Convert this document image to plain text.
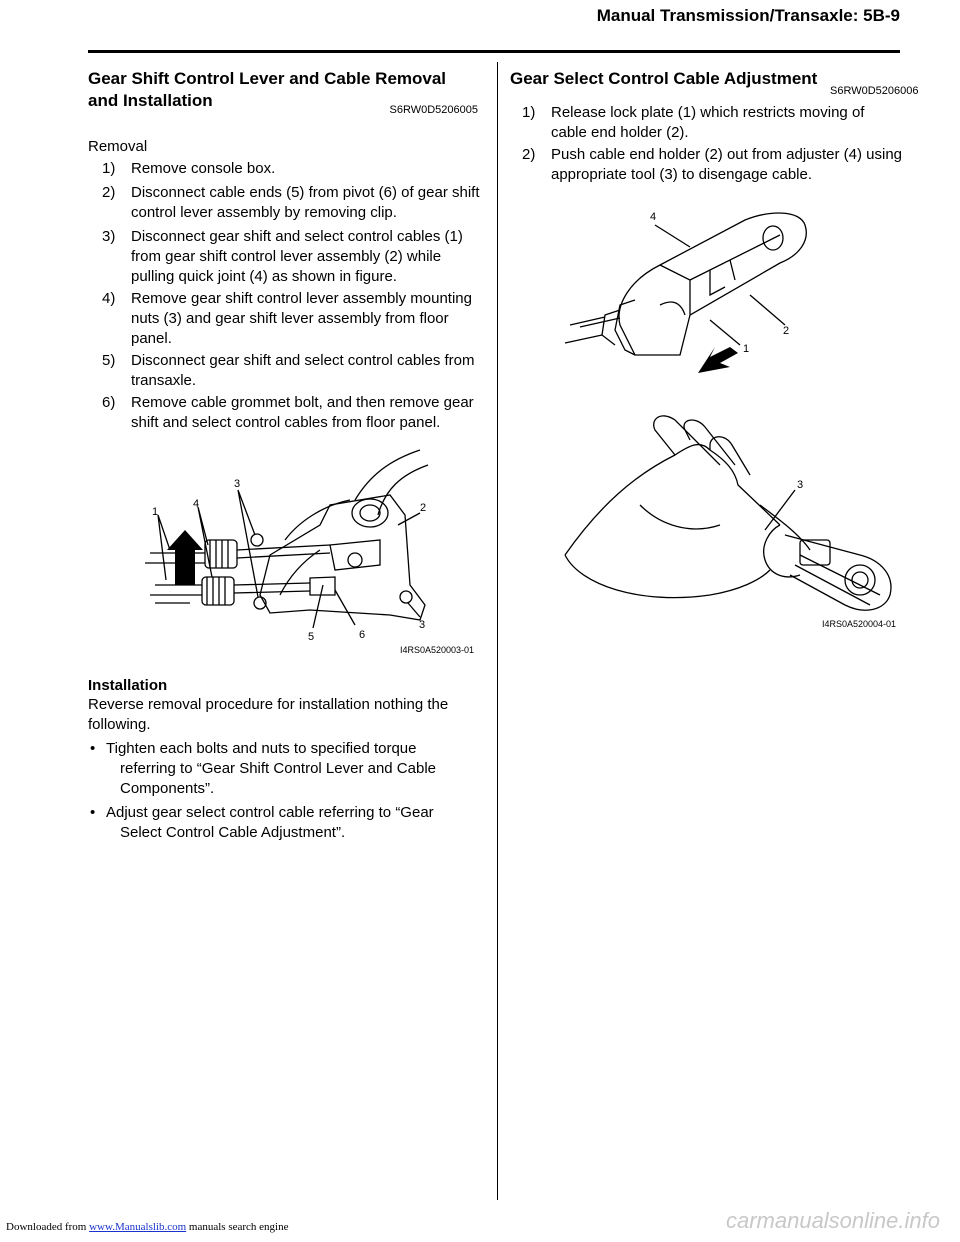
Manual Transmission/Transaxle: 5B-9
Gear Shift Control Lever and Cable Removal
and Installation	S6RW0D5206005
Removal
1) Remove console box.
2) Disconnect cable ends (5) from pivot (6) of gear shift
control lever assembly by removing clip.
3) Disconnect gear shift and select control cables (1)
from gear shift control lever assembly (2) while
pulling quick joint (4) as shown in figure.
4) Remove gear shift control lever assembly mounting
nuts (3) and gear shift lever assembly from floor
panel.
5) Disconnect gear shift and select control cables from
transaxle.
6) Remove cable grommet bolt, and then remove gear
shift and select control cables from floor panel.
1
4
3
2
5	6
3
I4RS0A520003-01
Installation
Reverse removal procedure for installation nothing the
following.
• Tighten each bolts and nuts to specified torque
referring to “Gear Shift Control Lever and Cable
Components”.
• Adjust gear select control cable referring to “Gear
Select Control Cable Adjustment”.
Gear Select Control Cable Adjustment
S6RW0D5206006
1) Release lock plate (1) which restricts moving of
cable end holder (2).
2) Push cable end holder (2) out from adjuster (4) using
appropriate tool (3) to disengage cable.
4
2
1
3
I4RS0A520004-01
Downloaded from www.Manualslib.com manuals search engine	carmanualsonline.info
